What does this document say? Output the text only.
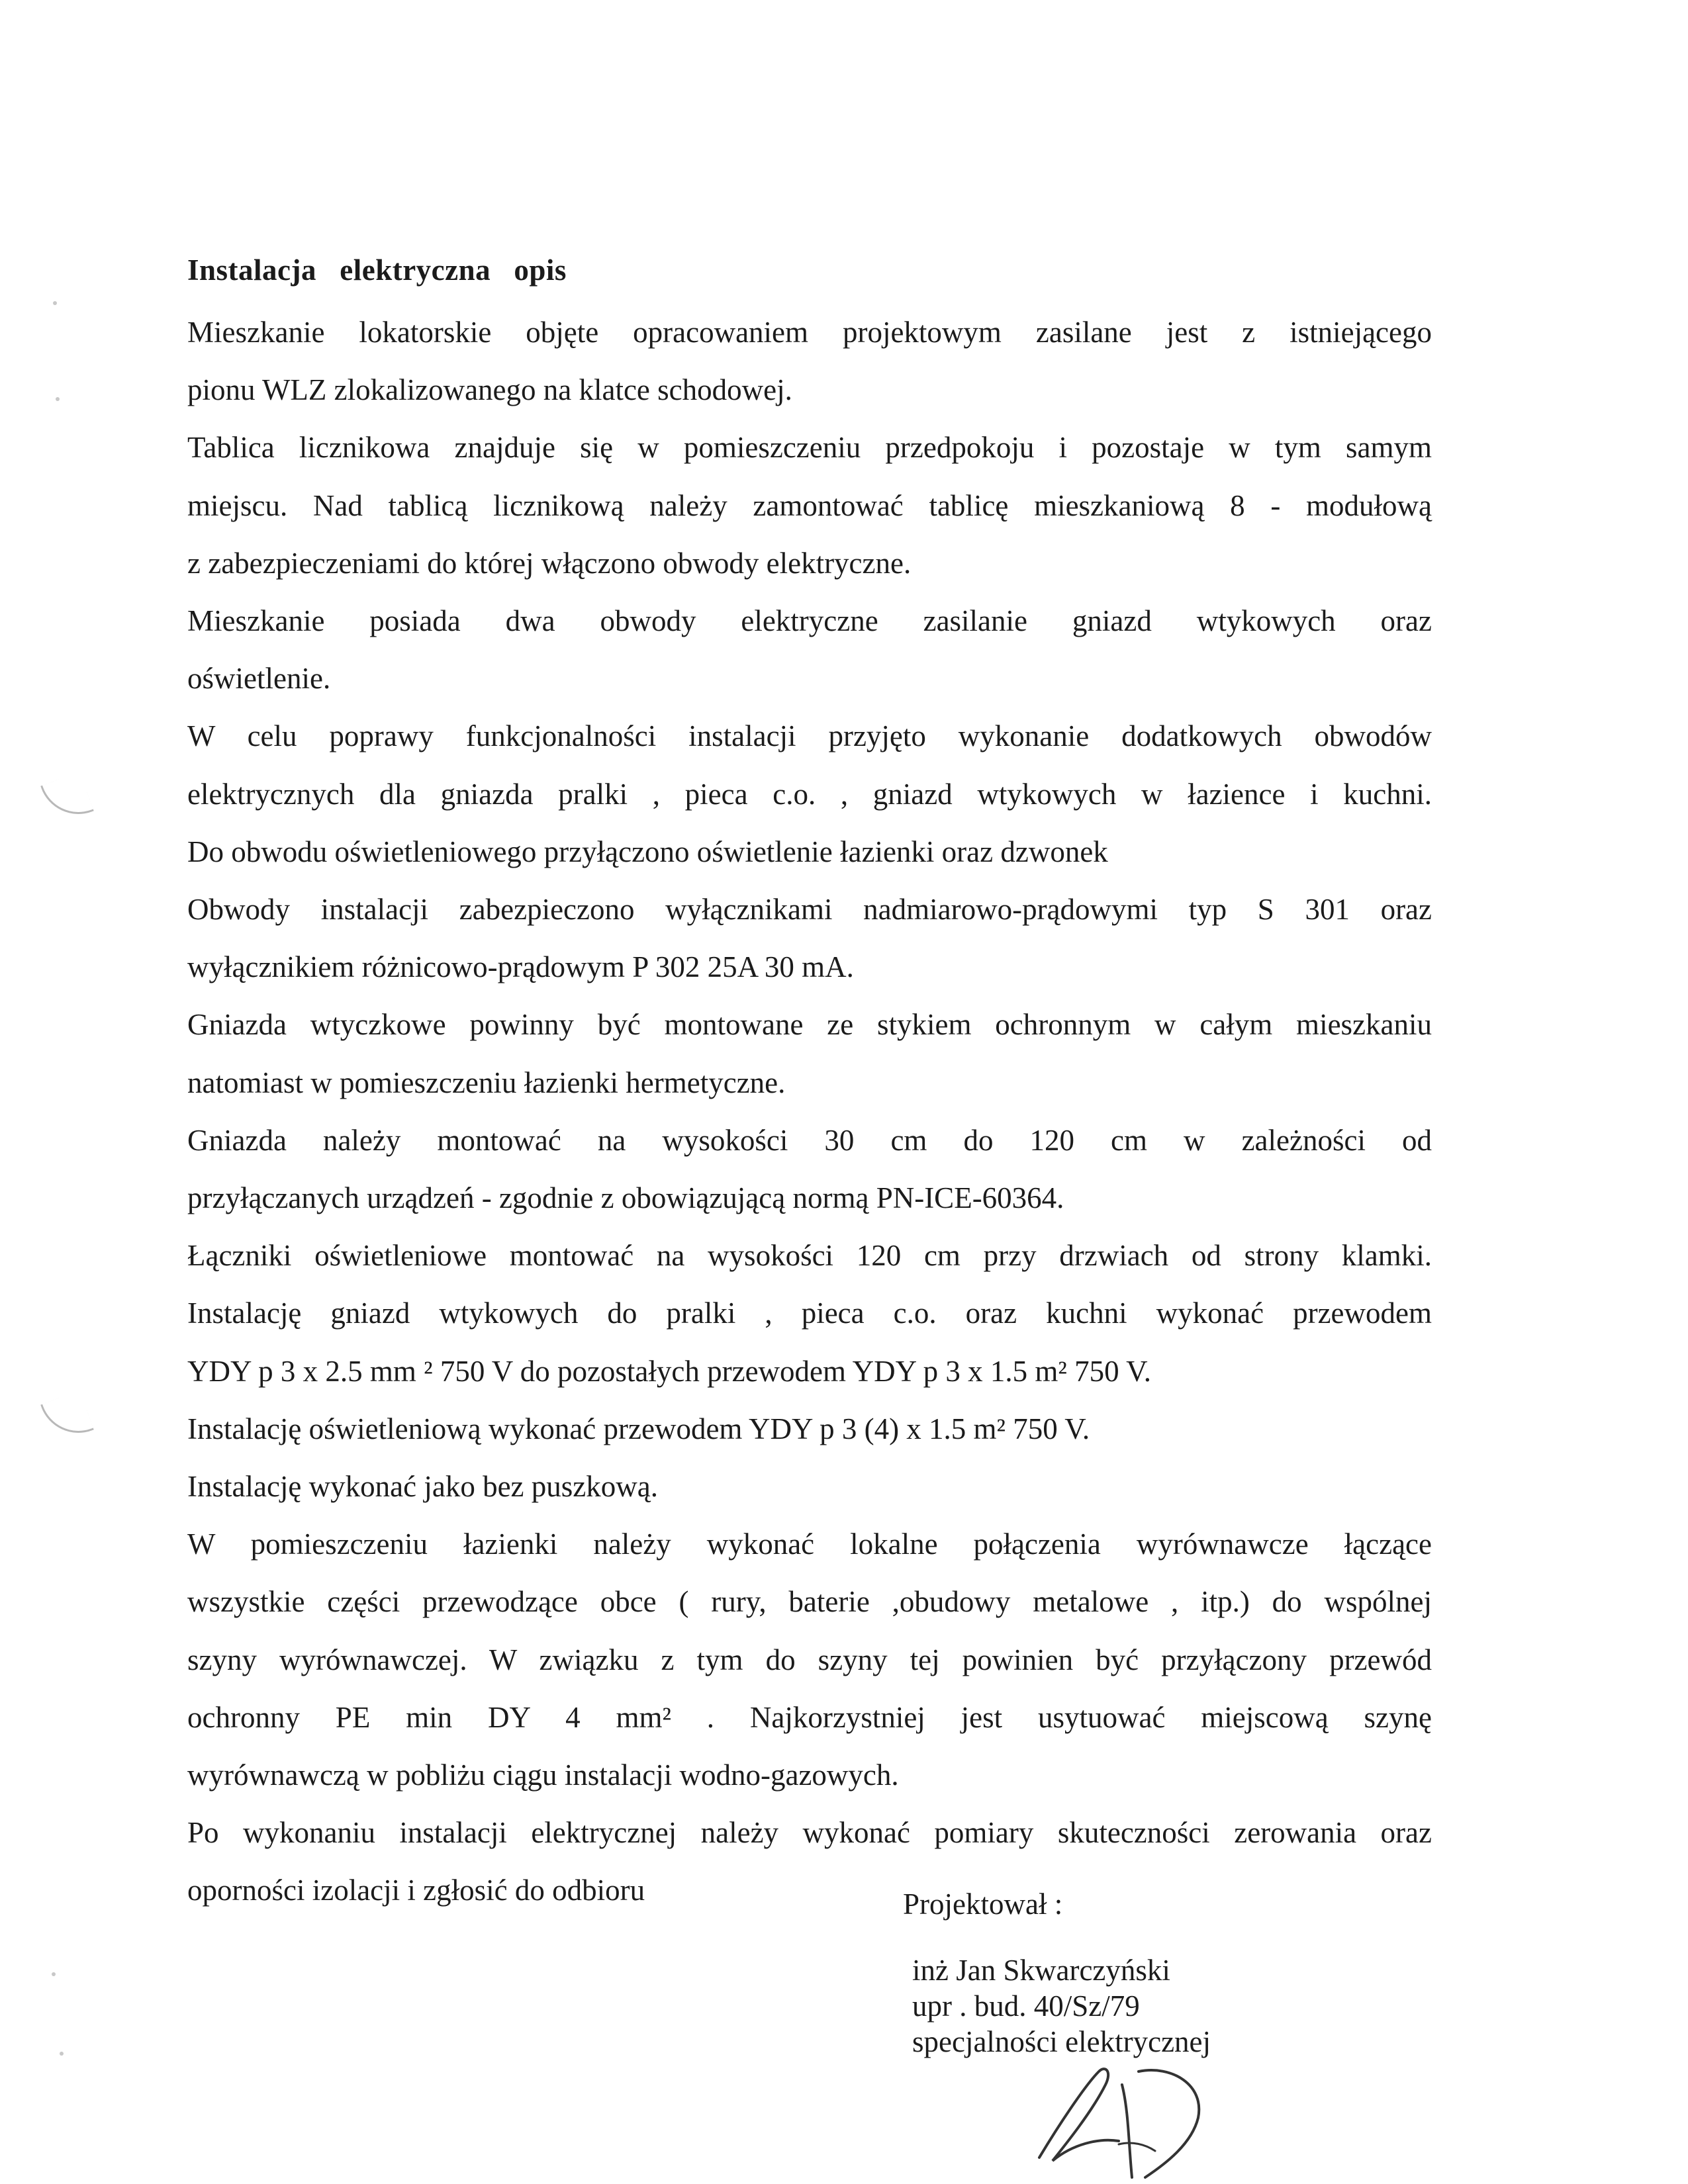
Instalacja   elektryczna   opis
Mieszkanie lokatorskie objęte opracowaniem projektowym zasilane jest z istniejącego
pionu WLZ zlokalizowanego na klatce schodowej.
Tablica licznikowa znajduje się w pomieszczeniu przedpokoju i pozostaje w tym samym
miejscu. Nad tablicą licznikową należy zamontować tablicę mieszkaniową 8 - modułową
z zabezpieczeniami do której włączono obwody elektryczne.
Mieszkanie posiada dwa obwody elektryczne zasilanie gniazd wtykowych oraz
oświetlenie.
W celu poprawy funkcjonalności instalacji przyjęto wykonanie dodatkowych obwodów
elektrycznych dla gniazda pralki , pieca c.o. , gniazd wtykowych w łazience i kuchni.
Do obwodu oświetleniowego przyłączono oświetlenie łazienki oraz dzwonek
Obwody instalacji zabezpieczono wyłącznikami nadmiarowo-prądowymi typ S 301 oraz
wyłącznikiem różnicowo-prądowym P 302 25A 30 mA.
Gniazda wtyczkowe powinny być montowane ze stykiem ochronnym w całym mieszkaniu
natomiast w pomieszczeniu łazienki hermetyczne.
Gniazda należy montować na wysokości 30 cm do 120 cm w zależności od
przyłączanych urządzeń - zgodnie z obowiązującą normą PN-ICE-60364.
Łączniki oświetleniowe montować na wysokości 120 cm przy drzwiach od strony klamki.
Instalację gniazd wtykowych do pralki , pieca c.o. oraz kuchni wykonać przewodem
YDY p 3 x 2.5 mm ² 750 V do pozostałych przewodem YDY p 3 x 1.5 m² 750 V.
Instalację oświetleniową wykonać przewodem YDY p 3 (4) x 1.5 m² 750 V.
Instalację wykonać jako bez puszkową.
W pomieszczeniu łazienki należy wykonać lokalne połączenia wyrównawcze łączące
wszystkie części przewodzące obce ( rury, baterie ,obudowy metalowe , itp.) do wspólnej
szyny wyrównawczej. W związku z tym do szyny tej powinien być przyłączony przewód
ochronny PE min DY 4 mm² . Najkorzystniej jest usytuować miejscową szynę
wyrównawczą w pobliżu ciągu instalacji wodno-gazowych.
Po wykonaniu instalacji elektrycznej należy wykonać pomiary skuteczności zerowania oraz
oporności izolacji i zgłosić do odbioru	Projektował :
inż Jan Skwarczyński
upr . bud. 40/Sz/79
specjalności elektrycznej
